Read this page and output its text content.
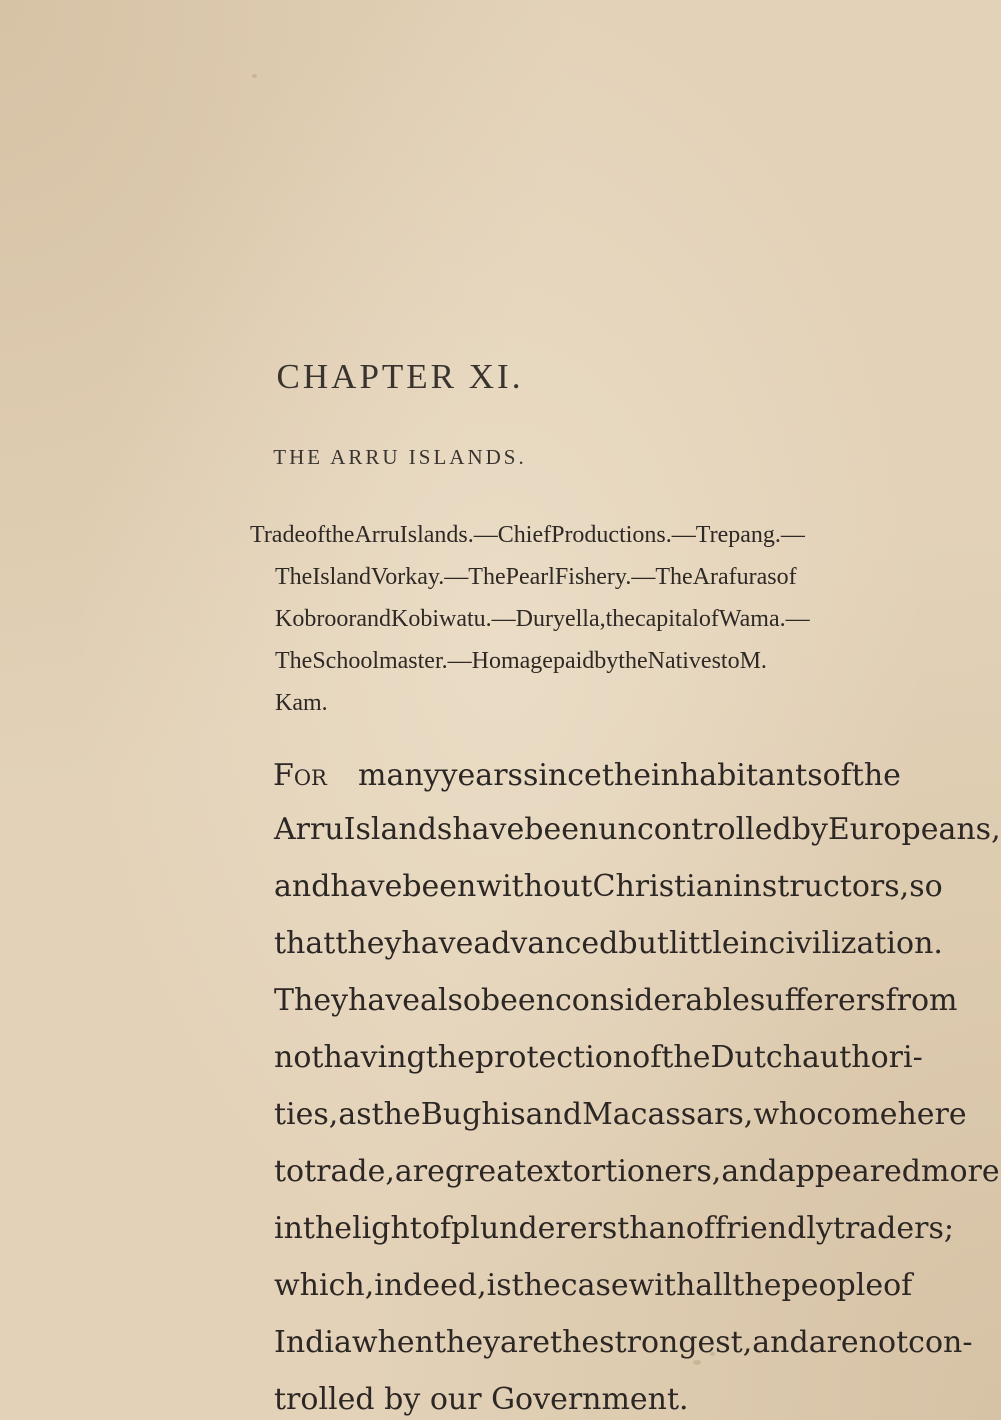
CHAPTER XI.
THE ARRU ISLANDS.
Trade of the Arru Islands.—Chief Productions.—Trepang.—
The Island Vorkay.—The Pearl Fishery.—The Arafuras of
Kobroor and Kobiwatu.—Duryella, the capital of Wama.—
The Schoolmaster. — Homage paid by the Natives to M.
Kam.
For many years since the inhabitants of the
Arru Islands have been uncontrolled by Europeans,
and have been without Christian instructors, so
that they have advanced but little in civilization.
They have also been considerable sufferers from
not having the protection of the Dutch authori-
ties, as the Bughis and Macassars, who come here
to trade, are great extortioners, and appeared more
in the light of plunderers than of friendly traders ;
which, indeed, is the case with all the people of
India when they are the strongest, and are not con-
trolled by our Government.
